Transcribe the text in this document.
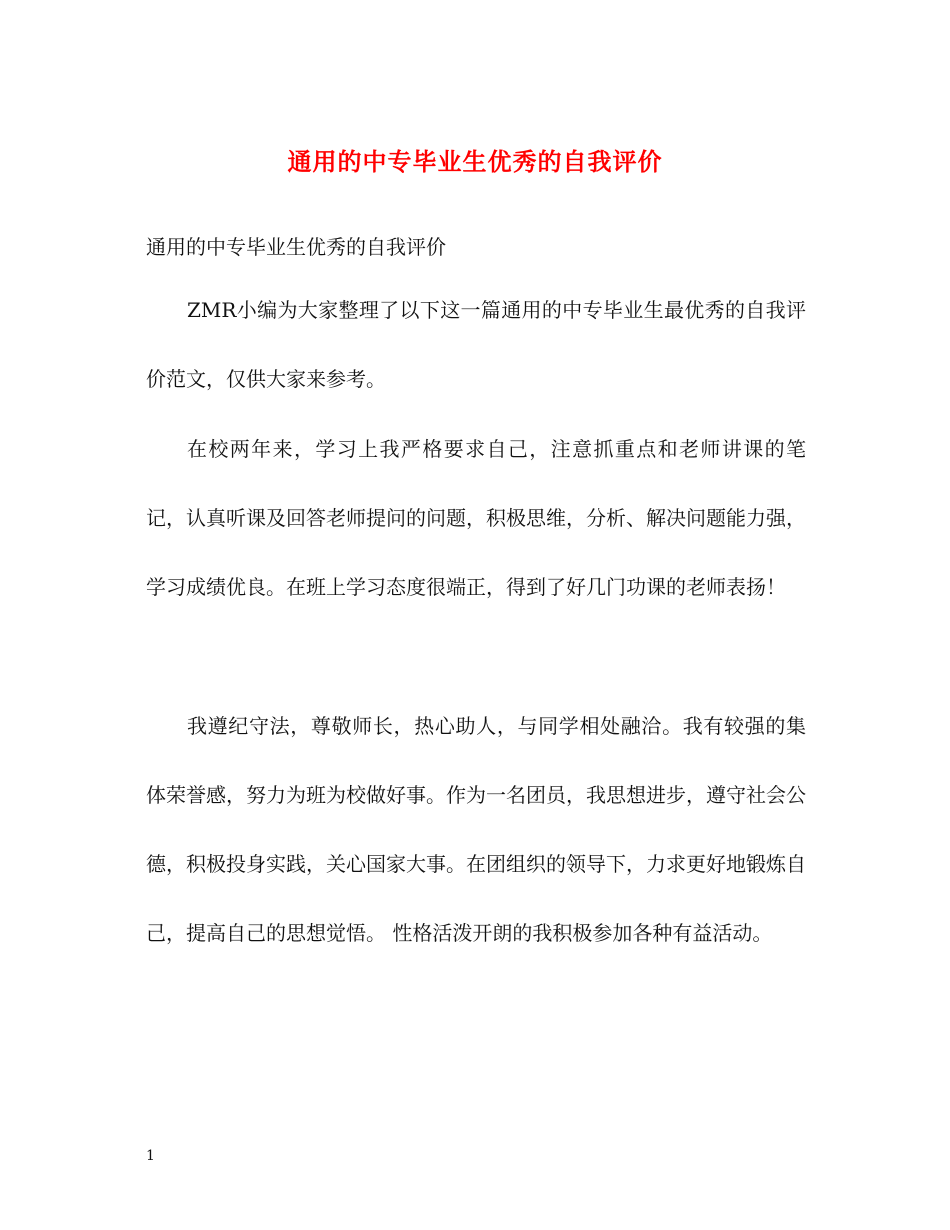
通用的中专毕业生优秀的自我评价

通用的中专毕业生优秀的自我评价

ZMR小编为大家整理了以下这一篇通用的中专毕业生最优秀的自我评价范文，仅供大家来参考。

在校两年来，学习上我严格要求自己，注意抓重点和老师讲课的笔记，认真听课及回答老师提问的问题，积极思维，分析、解决问题能力强，学习成绩优良。在班上学习态度很端正，得到了好几门功课的老师表扬！

我遵纪守法，尊敬师长，热心助人，与同学相处融洽。我有较强的集体荣誉感，努力为班为校做好事。作为一名团员，我思想进步，遵守社会公德，积极投身实践，关心国家大事。在团组织的领导下，力求更好地锻炼自己，提高自己的思想觉悟。 性格活泼开朗的我积极参加各种有益活动。

1
